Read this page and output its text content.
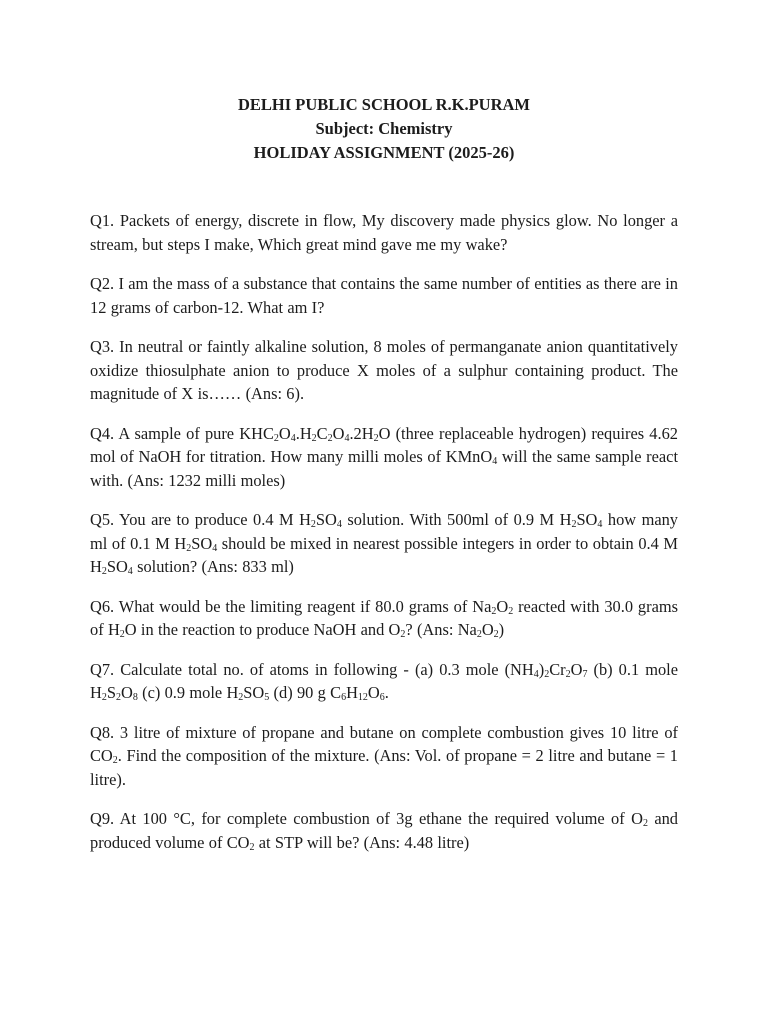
DELHI PUBLIC SCHOOL R.K.PURAM
Subject: Chemistry
HOLIDAY ASSIGNMENT (2025-26)

Q1. Packets of energy, discrete in flow, My discovery made physics glow. No longer a stream, but steps I make, Which great mind gave me my wake?

Q2. I am the mass of a substance that contains the same number of entities as there are in 12 grams of carbon-12. What am I?

Q3. In neutral or faintly alkaline solution, 8 moles of permanganate anion quantitatively oxidize thiosulphate anion to produce X moles of a sulphur containing product. The magnitude of X is…… (Ans: 6).

Q4. A sample of pure $KHC_2O_4.H_2C_2O_4.2H_2O$ (three replaceable hydrogen) requires 4.62 mol of NaOH for titration. How many milli moles of KMnO$_4$ will the same sample react with. (Ans: 1232 milli moles)

Q5. You are to produce 0.4 M $H_2SO_4$ solution. With 500ml of 0.9 M $H_2SO_4$ how many ml of 0.1 M $H_2SO_4$ should be mixed in nearest possible integers in order to obtain 0.4 M $H_2SO_4$ solution? (Ans: 833 ml)

Q6. What would be the limiting reagent if 80.0 grams of $Na_2O_2$ reacted with 30.0 grams of $H_2O$ in the reaction to produce NaOH and $O_2$? (Ans: $Na_2O_2$)

Q7. Calculate total no. of atoms in following - (a) 0.3 mole $(NH_4)_2Cr_2O_7$ (b) 0.1 mole $H_2S_2O_8$ (c) 0.9 mole $H_2SO_5$ (d) 90 g $C_6H_{12}O_6$.

Q8. 3 litre of mixture of propane and butane on complete combustion gives 10 litre of $CO_2$. Find the composition of the mixture. (Ans: Vol. of propane = 2 litre and butane = 1 litre).

Q9. At 100 °C, for complete combustion of 3g ethane the required volume of $O_2$ and produced volume of $CO_2$ at STP will be? (Ans: 4.48 litre)
